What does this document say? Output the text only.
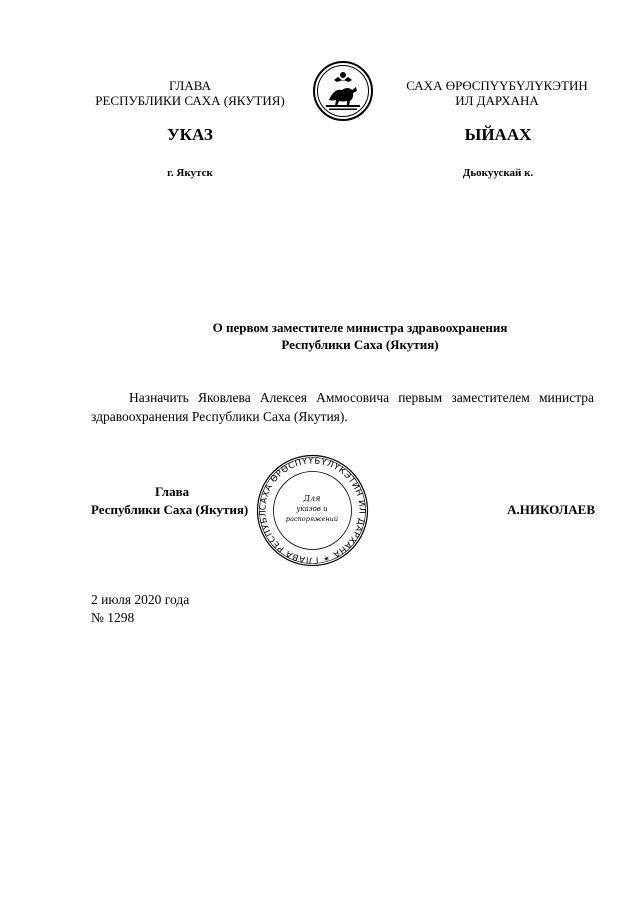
ГЛАВА
РЕСПУБЛИКИ САХА (ЯКУТИЯ)
САХА ӨРӨСПҮҮБҮЛҮКЭТИН
ИЛ ДАРХАНА
УКАЗ	ЫЙААХ
г. Якутск	Дьокуускай к.
О первом заместителе министра здравоохранения
Республики Саха (Якутия)
Назначить Яковлева Алексея Аммосовича первым заместителем министра здравоохранения Республики Саха (Якутия).
САХА ӨРӨСПҮҮБҮЛҮКЭТИН ИЛ ДАРХАНА ✶ ГЛАВА РЕСПУБЛ
Для
указов и
распоряжений
Глава
Республики Саха (Якутия)	А.НИКОЛАЕВ
2 июля 2020 года
№ 1298
